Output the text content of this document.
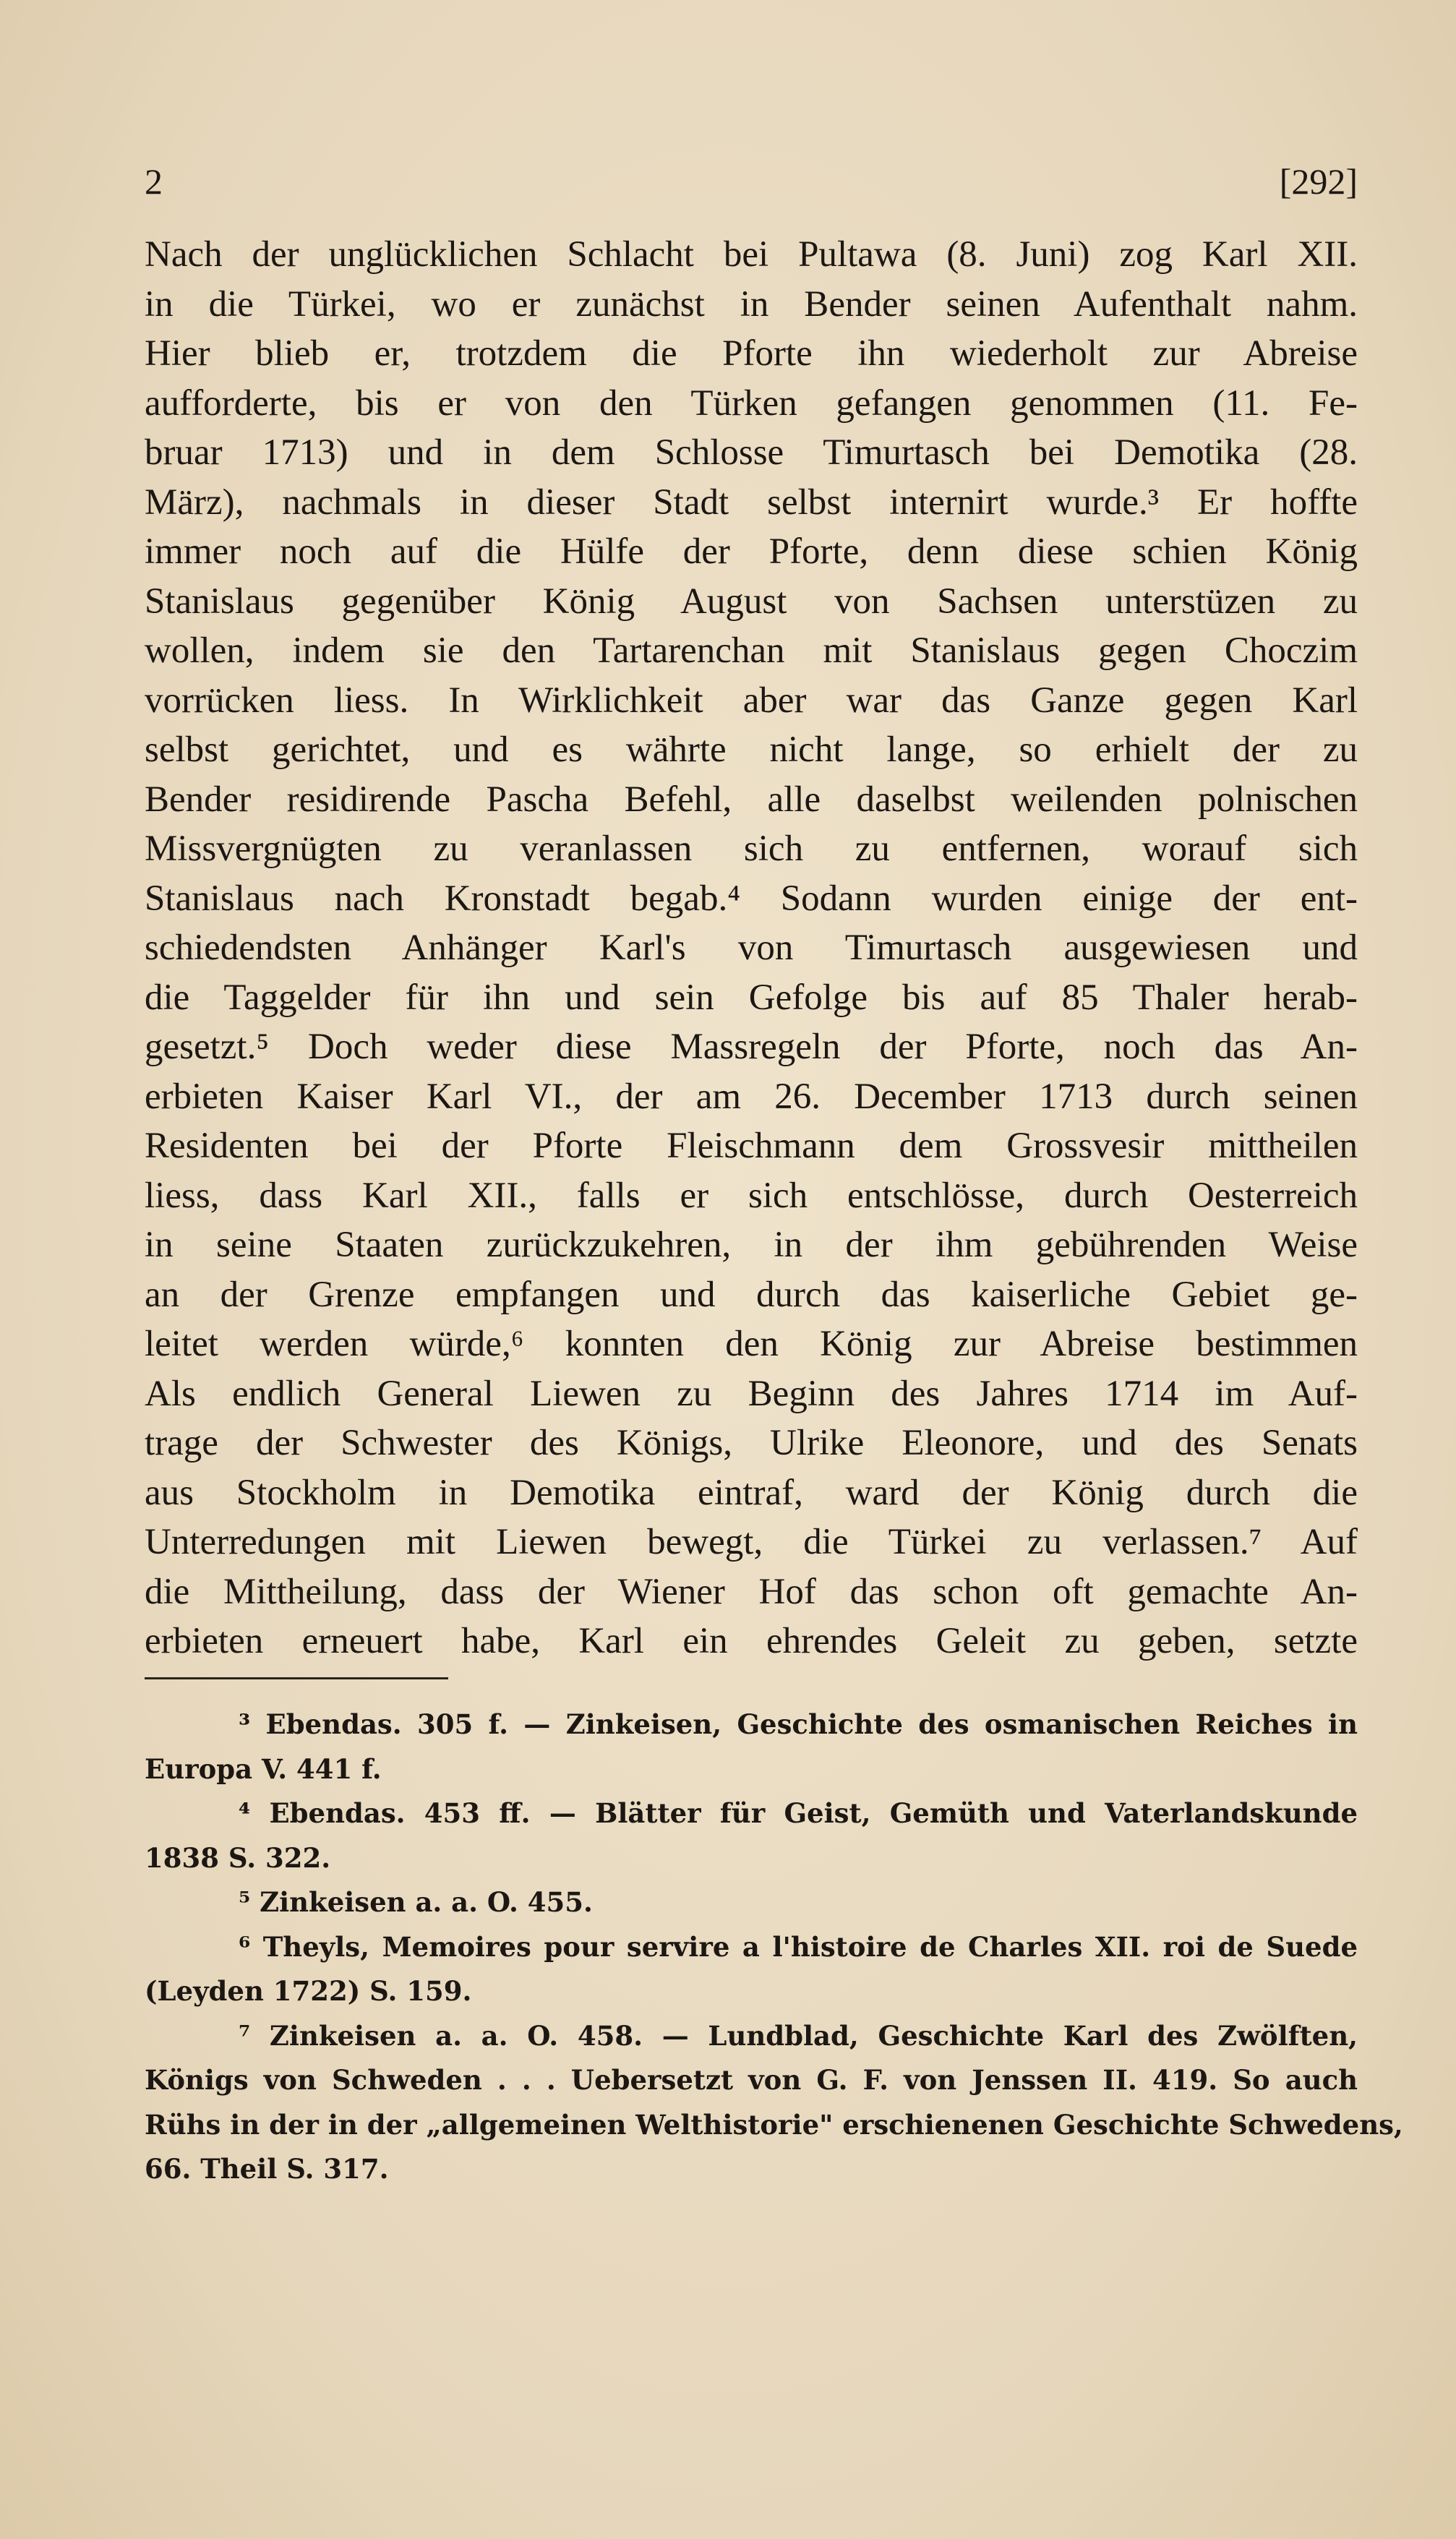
2	[292]
Nach der unglücklichen Schlacht bei Pultawa (8. Juni) zog Karl XII.
in die Türkei, wo er zunächst in Bender seinen Aufenthalt nahm.
Hier blieb er, trotzdem die Pforte ihn wiederholt zur Abreise
aufforderte, bis er von den Türken gefangen genommen (11. Fe-
bruar 1713) und in dem Schlosse Timurtasch bei Demotika (28.
März), nachmals in dieser Stadt selbst internirt wurde.³ Er hoffte
immer noch auf die Hülfe der Pforte, denn diese schien König
Stanislaus gegenüber König August von Sachsen unterstüzen zu
wollen, indem sie den Tartarenchan mit Stanislaus gegen Choczim
vorrücken liess. In Wirklichkeit aber war das Ganze gegen Karl
selbst gerichtet, und es währte nicht lange, so erhielt der zu
Bender residirende Pascha Befehl, alle daselbst weilenden polnischen
Missvergnügten zu veranlassen sich zu entfernen, worauf sich
Stanislaus nach Kronstadt begab.⁴ Sodann wurden einige der ent-
schiedendsten Anhänger Karl's von Timurtasch ausgewiesen und
die Taggelder für ihn und sein Gefolge bis auf 85 Thaler herab-
gesetzt.⁵ Doch weder diese Massregeln der Pforte, noch das An-
erbieten Kaiser Karl VI., der am 26. December 1713 durch seinen
Residenten bei der Pforte Fleischmann dem Grossvesir mittheilen
liess, dass Karl XII., falls er sich entschlösse, durch Oesterreich
in seine Staaten zurückzukehren, in der ihm gebührenden Weise
an der Grenze empfangen und durch das kaiserliche Gebiet ge-
leitet werden würde,⁶ konnten den König zur Abreise bestimmen
Als endlich General Liewen zu Beginn des Jahres 1714 im Auf-
trage der Schwester des Königs, Ulrike Eleonore, und des Senats
aus Stockholm in Demotika eintraf, ward der König durch die
Unterredungen mit Liewen bewegt, die Türkei zu verlassen.⁷ Auf
die Mittheilung, dass der Wiener Hof das schon oft gemachte An-
erbieten erneuert habe, Karl ein ehrendes Geleit zu geben, setzte
³ Ebendas. 305 f. — Zinkeisen, Geschichte des osmanischen Reiches in
Europa V. 441 f.
⁴ Ebendas. 453 ff. — Blätter für Geist, Gemüth und Vaterlandskunde
1838 S. 322.
⁵ Zinkeisen a. a. O. 455.
⁶ Theyls, Memoires pour servire a l'histoire de Charles XII. roi de Suede
(Leyden 1722) S. 159.
⁷ Zinkeisen a. a. O. 458. — Lundblad, Geschichte Karl des Zwölften,
Königs von Schweden . . . Uebersetzt von G. F. von Jenssen II. 419. So auch
Rühs in der in der „allgemeinen Welthistorie" erschienenen Geschichte Schwedens,
66. Theil S. 317.
